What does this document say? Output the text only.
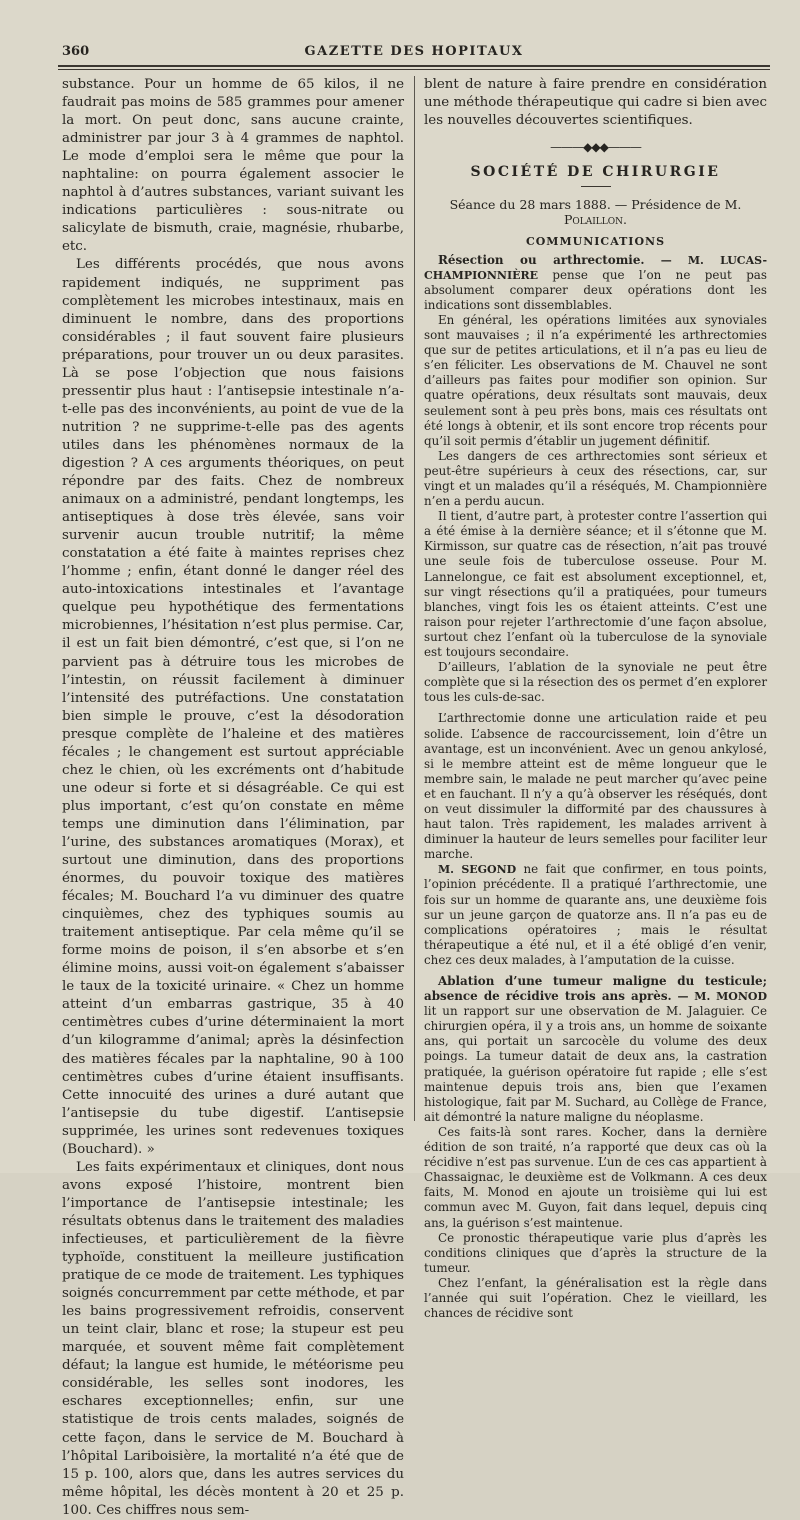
360	GAZETTE DES HOPITAUX

substance. Pour un homme de 65 kilos, il ne faudrait pas moins de 585 grammes pour amener la mort. On peut donc, sans aucune crainte, administrer par jour 3 à 4 grammes de naphtol. Le mode d’emploi sera le même que pour la naphtaline: on pourra également associer le naphtol à d’autres substances, variant suivant les indications particulières : sous-nitrate ou salicylate de bismuth, craie, magnésie, rhubarbe, etc.

Les différents procédés, que nous avons rapidement indiqués, ne suppriment pas complètement les microbes intestinaux, mais en diminuent le nombre, dans des proportions considérables ; il faut souvent faire plusieurs préparations, pour trouver un ou deux parasites. Là se pose l’objection que nous faisions pressentir plus haut : l’antisepsie intestinale n’a-t-elle pas des inconvénients, au point de vue de la nutrition ? ne supprime-t-elle pas des agents utiles dans les phénomènes normaux de la digestion ? A ces arguments théoriques, on peut répondre par des faits. Chez de nombreux animaux on a administré, pendant longtemps, les antiseptiques à dose très élevée, sans voir survenir aucun trouble nutritif; la même constatation a été faite à maintes reprises chez l’homme ; enfin, étant donné le danger réel des auto-intoxications intestinales et l’avantage quelque peu hypothétique des fermentations microbiennes, l’hésitation n’est plus permise. Car, il est un fait bien démontré, c’est que, si l’on ne parvient pas à détruire tous les microbes de l’intestin, on réussit facilement à diminuer l’intensité des putréfactions. Une constatation bien simple le prouve, c’est la désodoration presque complète de l’haleine et des matières fécales ; le changement est surtout appréciable chez le chien, où les excréments ont d’habitude une odeur si forte et si désagréable. Ce qui est plus important, c’est qu’on constate en même temps une diminution dans l’élimination, par l’urine, des substances aromatiques (Morax), et surtout une diminution, dans des proportions énormes, du pouvoir toxique des matières fécales; M. Bouchard l’a vu diminuer des quatre cinquièmes, chez des typhiques soumis au traitement antiseptique. Par cela même qu’il se forme moins de poison, il s’en absorbe et s’en élimine moins, aussi voit-on également s’abaisser le taux de la toxicité urinaire. « Chez un homme atteint d’un embarras gastrique, 35 à 40 centimètres cubes d’urine déterminaient la mort d’un kilogramme d’animal; après la désinfection des matières fécales par la naphtaline, 90 à 100 centimètres cubes d’urine étaient insuffisants. Cette innocuité des urines a duré autant que l’antisepsie du tube digestif. L’antisepsie supprimée, les urines sont redevenues toxiques (Bouchard). »

Les faits expérimentaux et cliniques, dont nous avons exposé l’histoire, montrent bien l’importance de l’antisepsie intestinale; les résultats obtenus dans le traitement des maladies infectieuses, et particulièrement de la fièvre typhoïde, constituent la meilleure justification pratique de ce mode de traitement. Les typhiques soignés concurremment par cette méthode, et par les bains progressivement refroidis, conservent un teint clair, blanc et rose; la stupeur est peu marquée, et souvent même fait complètement défaut; la langue est humide, le météorisme peu considérable, les selles sont inodores, les eschares exceptionnelles; enfin, sur une statistique de trois cents malades, soignés de cette façon, dans le service de M. Bouchard à l’hôpital Lariboisière, la mortalité n’a été que de 15 p. 100, alors que, dans les autres services du même hôpital, les décès montent à 20 et 25 p. 100. Ces chiffres nous sem-

blent de nature à faire prendre en considération une méthode thérapeutique qui cadre si bien avec les nouvelles découvertes scientifiques.

———◆◆◆———
SOCIÉTÉ DE CHIRURGIE
Séance du 28 mars 1888. — Présidence de M. Polaillon.
COMMUNICATIONS

Résection ou arthrectomie. — M. LUCAS-CHAMPIONNIÈRE pense que l’on ne peut pas absolument comparer deux opérations dont les indications sont dissemblables.

En général, les opérations limitées aux synoviales sont mauvaises ; il n’a expérimenté les arthrectomies que sur de petites articulations, et il n’a pas eu lieu de s’en féliciter. Les observations de M. Chauvel ne sont d’ailleurs pas faites pour modifier son opinion. Sur quatre opérations, deux résultats sont mauvais, deux seulement sont à peu près bons, mais ces résultats ont été longs à obtenir, et ils sont encore trop récents pour qu’il soit permis d’établir un jugement définitif.

Les dangers de ces arthrectomies sont sérieux et peut-être supérieurs à ceux des résections, car, sur vingt et un malades qu’il a réséqués, M. Championnière n’en a perdu aucun.

Il tient, d’autre part, à protester contre l’assertion qui a été émise à la dernière séance; et il s’étonne que M. Kirmisson, sur quatre cas de résection, n’ait pas trouvé une seule fois de tuberculose osseuse. Pour M. Lannelongue, ce fait est absolument exceptionnel, et, sur vingt résections qu’il a pratiquées, pour tumeurs blanches, vingt fois les os étaient atteints. C’est une raison pour rejeter l’arthrectomie d’une façon absolue, surtout chez l’enfant où la tuberculose de la synoviale est toujours secondaire.

D’ailleurs, l’ablation de la synoviale ne peut être complète que si la résection des os permet d’en explorer tous les culs-de-sac.

L’arthrectomie donne une articulation raide et peu solide. L’absence de raccourcissement, loin d’être un avantage, est un inconvénient. Avec un genou ankylosé, si le membre atteint est de même longueur que le membre sain, le malade ne peut marcher qu’avec peine et en fauchant. Il n’y a qu’à observer les réséqués, dont on veut dissimuler la difformité par des chaussures à haut talon. Très rapidement, les malades arrivent à diminuer la hauteur de leurs semelles pour faciliter leur marche.

M. SEGOND ne fait que confirmer, en tous points, l’opinion précédente. Il a pratiqué l’arthrectomie, une fois sur un homme de quarante ans, une deuxième fois sur un jeune garçon de quatorze ans. Il n’a pas eu de complications opératoires ; mais le résultat thérapeutique a été nul, et il a été obligé d’en venir, chez ces deux malades, à l’amputation de la cuisse.

Ablation d’une tumeur maligne du testicule; absence de récidive trois ans après. — M. MONOD lit un rapport sur une observation de M. Jalaguier. Ce chirurgien opéra, il y a trois ans, un homme de soixante ans, qui portait un sarcocèle du volume des deux poings. La tumeur datait de deux ans, la castration pratiquée, la guérison opératoire fut rapide ; elle s’est maintenue depuis trois ans, bien que l’examen histologique, fait par M. Suchard, au Collège de France, ait démontré la nature maligne du néoplasme.

Ces faits-là sont rares. Kocher, dans la dernière édition de son traité, n’a rapporté que deux cas où la récidive n’est pas survenue. L’un de ces cas appartient à Chassaignac, le deuxième est de Volkmann. A ces deux faits, M. Monod en ajoute un troisième qui lui est commun avec M. Guyon, fait dans lequel, depuis cinq ans, la guérison s’est maintenue.

Ce pronostic thérapeutique varie plus d’après les conditions cliniques que d’après la structure de la tumeur.

Chez l’enfant, la généralisation est la règle dans l’année qui suit l’opération. Chez le vieillard, les chances de récidive sont
